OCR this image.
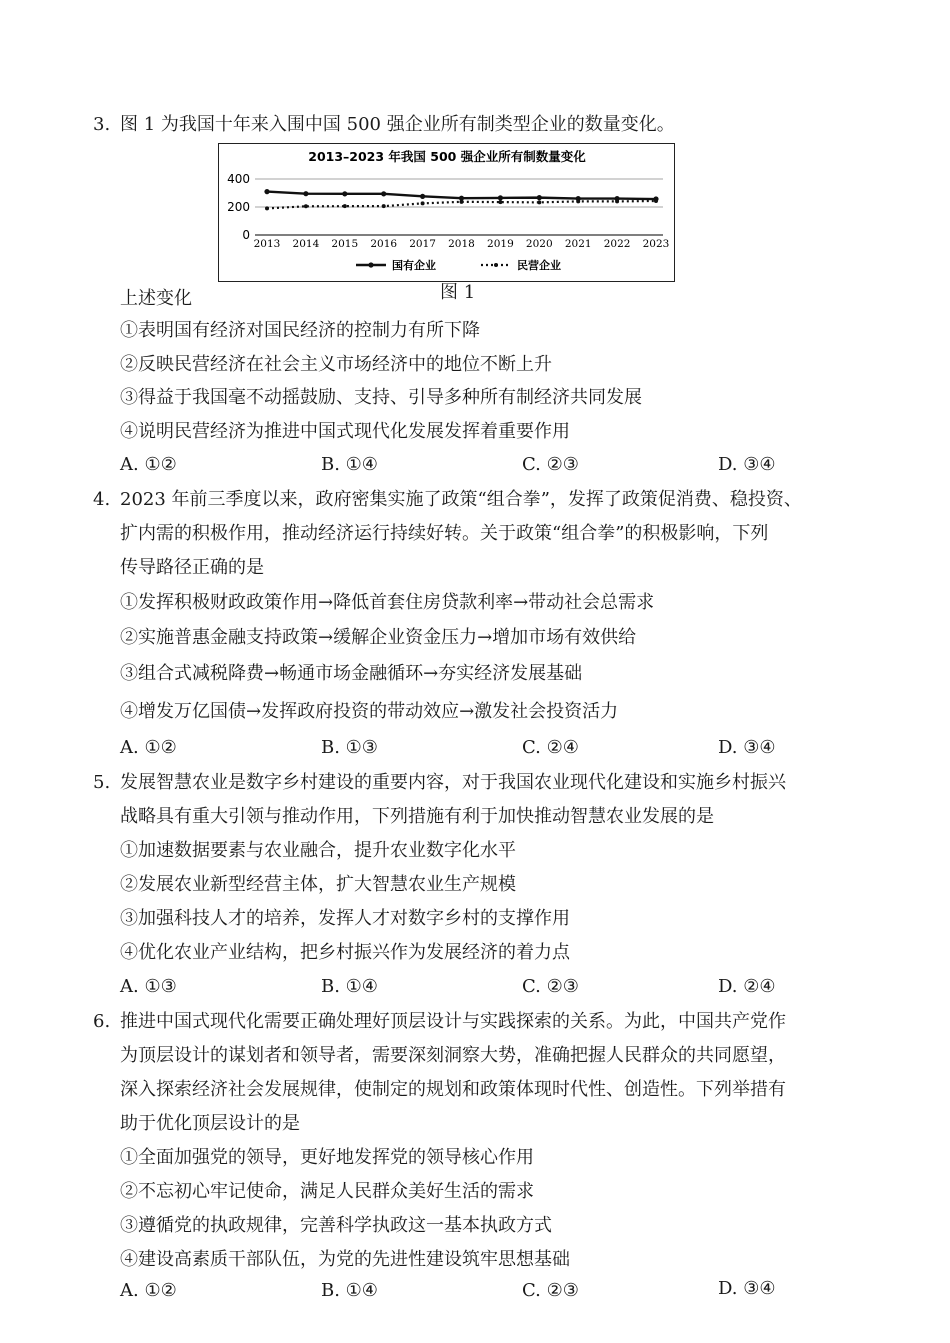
3. 图 1 为我国十年来入围中国 500 强企业所有制类型企业的数量变化。
2013–2023 年我国 500 强企业所有制数量变化
0
200
400
2013 2014 2015 2016 2017 2018 2019 2020 2021 2022 2023
国有企业	民营企业
图 1
上述变化
①表明国有经济对国民经济的控制力有所下降
②反映民营经济在社会主义市场经济中的地位不断上升
③得益于我国毫不动摇鼓励、支持、引导多种所有制经济共同发展
④说明民营经济为推进中国式现代化发展发挥着重要作用
A. ①②	B. ①④	C. ②③	D. ③④
4. 2023 年前三季度以来，政府密集实施了政策“组合拳”，发挥了政策促消费、稳投资、
扩内需的积极作用，推动经济运行持续好转。关于政策“组合拳”的积极影响，下列
传导路径正确的是
①发挥积极财政政策作用→降低首套住房贷款利率→带动社会总需求
②实施普惠金融支持政策→缓解企业资金压力→增加市场有效供给
③组合式减税降费→畅通市场金融循环→夯实经济发展基础
④增发万亿国债→发挥政府投资的带动效应→激发社会投资活力
A. ①②	B. ①③	C. ②④	D. ③④
5. 发展智慧农业是数字乡村建设的重要内容，对于我国农业现代化建设和实施乡村振兴
战略具有重大引领与推动作用，下列措施有利于加快推动智慧农业发展的是
①加速数据要素与农业融合，提升农业数字化水平
②发展农业新型经营主体，扩大智慧农业生产规模
③加强科技人才的培养，发挥人才对数字乡村的支撑作用
④优化农业产业结构，把乡村振兴作为发展经济的着力点
A. ①③	B. ①④	C. ②③	D. ②④
6. 推进中国式现代化需要正确处理好顶层设计与实践探索的关系。为此，中国共产党作
为顶层设计的谋划者和领导者，需要深刻洞察大势，准确把握人民群众的共同愿望，
深入探索经济社会发展规律，使制定的规划和政策体现时代性、创造性。下列举措有
助于优化顶层设计的是
①全面加强党的领导，更好地发挥党的领导核心作用
②不忘初心牢记使命，满足人民群众美好生活的需求
③遵循党的执政规律，完善科学执政这一基本执政方式
④建设高素质干部队伍，为党的先进性建设筑牢思想基础
A. ①②	B. ①④	C. ②③	D. ③④
